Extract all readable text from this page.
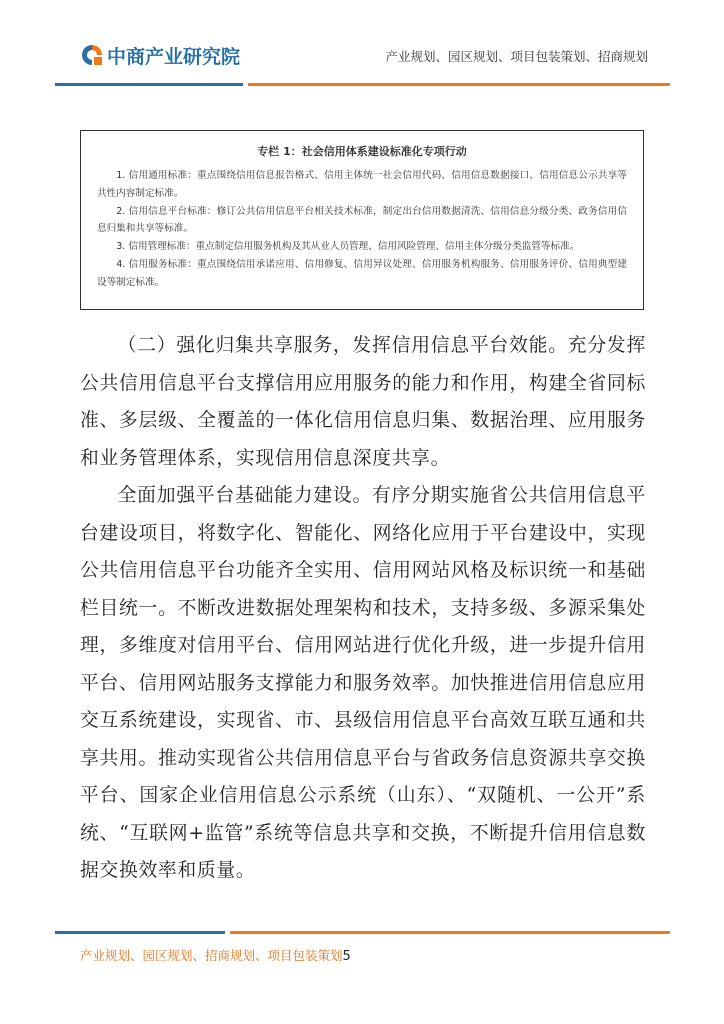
中商产业研究院	产业规划、园区规划、项目包装策划、招商规划
专栏 1：社会信用体系建设标准化专项行动
1. 信用通用标准：重点围绕信用信息报告格式、信用主体统一社会信用代码、信用信息数据接口、信用信息公示共享等共性内容制定标准。
2. 信用信息平台标准：修订公共信用信息平台相关技术标准，制定出台信用数据清洗、信用信息分级分类、政务信用信息归集和共享等标准。
3. 信用管理标准：重点制定信用服务机构及其从业人员管理、信用风险管理、信用主体分级分类监管等标准。
4. 信用服务标准：重点围绕信用承诺应用、信用修复、信用异议处理、信用服务机构服务、信用服务评价、信用典型建设等制定标准。

（二）强化归集共享服务，发挥信用信息平台效能。充分发挥公共信用信息平台支撑信用应用服务的能力和作用，构建全省同标准、多层级、全覆盖的一体化信用信息归集、数据治理、应用服务和业务管理体系，实现信用信息深度共享。

全面加强平台基础能力建设。有序分期实施省公共信用信息平台建设项目，将数字化、智能化、网络化应用于平台建设中，实现公共信用信息平台功能齐全实用、信用网站风格及标识统一和基础栏目统一。不断改进数据处理架构和技术，支持多级、多源采集处理，多维度对信用平台、信用网站进行优化升级，进一步提升信用平台、信用网站服务支撑能力和服务效率。加快推进信用信息应用交互系统建设，实现省、市、县级信用信息平台高效互联互通和共享共用。推动实现省公共信用信息平台与省政务信息资源共享交换平台、国家企业信用信息公示系统（山东）、“双随机、一公开”系统、“互联网+监管”系统等信息共享和交换，不断提升信用信息数据交换效率和质量。

产业规划、园区规划、招商规划、项目包装策划5
